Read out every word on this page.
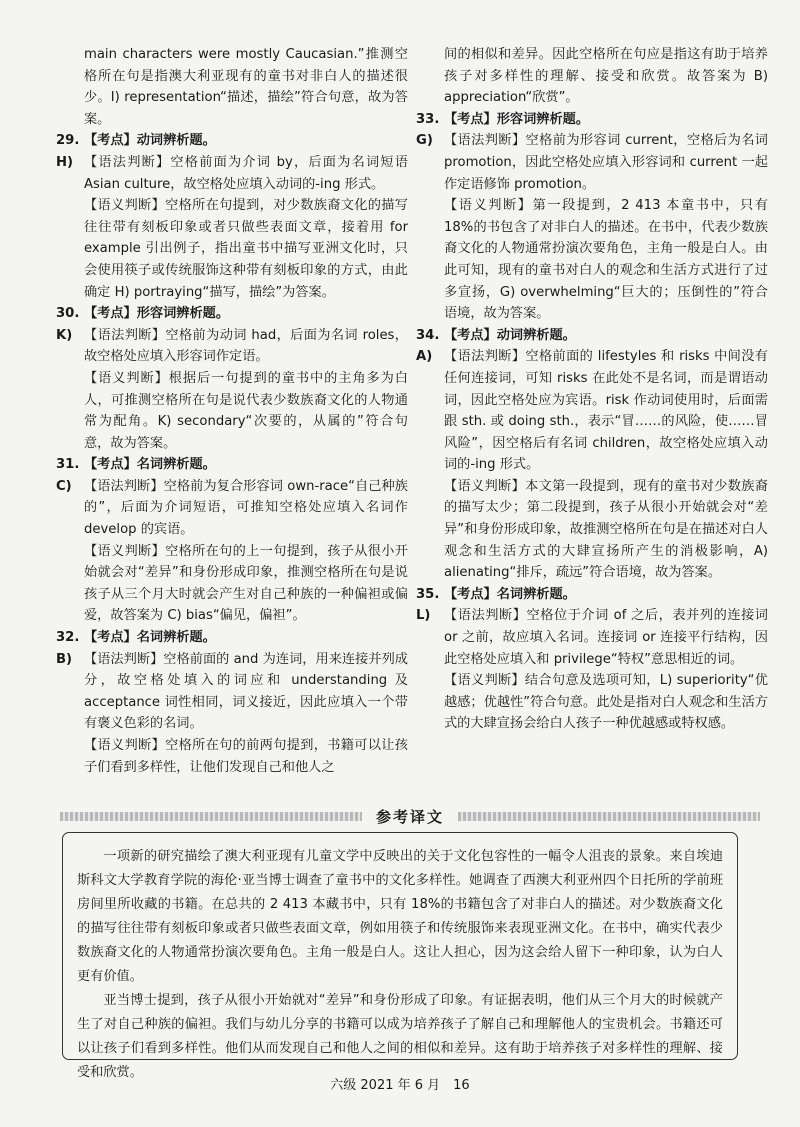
main characters were mostly Caucasian.”推测空格所在句是指澳大利亚现有的童书对非白人的描述很少。I) representation“描述，描绘”符合句意，故为答案。

29. 【考点】动词辨析题。
H) 【语法判断】空格前面为介词 by，后面为名词短语 Asian culture，故空格处应填入动词的-ing 形式。

【语义判断】空格所在句提到，对少数族裔文化的描写往往带有刻板印象或者只做些表面文章，接着用 for example 引出例子，指出童书中描写亚洲文化时，只会使用筷子或传统服饰这种带有刻板印象的方式，由此确定 H) portraying“描写，描绘”为答案。

30. 【考点】形容词辨析题。
K) 【语法判断】空格前为动词 had，后面为名词 roles，故空格处应填入形容词作定语。

【语义判断】根据后一句提到的童书中的主角多为白人，可推测空格所在句是说代表少数族裔文化的人物通常为配角。K) secondary“次要的，从属的”符合句意，故为答案。

31. 【考点】名词辨析题。
C) 【语法判断】空格前为复合形容词 own-race“自己种族的”，后面为介词短语，可推知空格处应填入名词作 develop 的宾语。

【语义判断】空格所在句的上一句提到，孩子从很小开始就会对“差异”和身份形成印象，推测空格所在句是说孩子从三个月大时就会产生对自己种族的一种偏袒或偏爱，故答案为 C) bias“偏见，偏袒”。

32. 【考点】名词辨析题。
B) 【语法判断】空格前面的 and 为连词，用来连接并列成分，故空格处填入的词应和 understanding 及 acceptance 词性相同，词义接近，因此应填入一个带有褒义色彩的名词。

【语义判断】空格所在句的前两句提到，书籍可以让孩子们看到多样性，让他们发现自己和他人之

间的相似和差异。因此空格所在句应是指这有助于培养孩子对多样性的理解、接受和欣赏。故答案为 B) appreciation“欣赏”。

33. 【考点】形容词辨析题。
G) 【语法判断】空格前为形容词 current，空格后为名词 promotion，因此空格处应填入形容词和 current 一起作定语修饰 promotion。

【语义判断】第一段提到，2 413 本童书中，只有 18%的书包含了对非白人的描述。在书中，代表少数族裔文化的人物通常扮演次要角色，主角一般是白人。由此可知，现有的童书对白人的观念和生活方式进行了过多宣扬，G) overwhelming“巨大的；压倒性的”符合语境，故为答案。

34. 【考点】动词辨析题。
A) 【语法判断】空格前面的 lifestyles 和 risks 中间没有任何连接词，可知 risks 在此处不是名词，而是谓语动词，因此空格处应为宾语。risk 作动词使用时，后面需跟 sth. 或 doing sth.，表示“冒……的风险，使……冒风险”，因空格后有名词 children，故空格处应填入动词的-ing 形式。

【语义判断】本文第一段提到，现有的童书对少数族裔的描写太少；第二段提到，孩子从很小开始就会对“差异”和身份形成印象，故推测空格所在句是在描述对白人观念和生活方式的大肆宣扬所产生的消极影响，A) alienating“排斥，疏远”符合语境，故为答案。

35. 【考点】名词辨析题。
L)	【语法判断】空格位于介词 of 之后，表并列的连接词 or 之前，故应填入名词。连接词 or 连接平行结构，因此空格处应填入和 privilege“特权”意思相近的词。

【语义判断】结合句意及选项可知，L) superiority“优越感；优越性”符合句意。此处是指对白人观念和生活方式的大肆宣扬会给白人孩子一种优越感或特权感。

参考译文

一项新的研究描绘了澳大利亚现有儿童文学中反映出的关于文化包容性的一幅令人沮丧的景象。来自埃迪斯科文大学教育学院的海伦·亚当博士调查了童书中的文化多样性。她调查了西澳大利亚州四个日托所的学前班房间里所收藏的书籍。在总共的 2 413 本藏书中，只有 18%的书籍包含了对非白人的描述。对少数族裔文化的描写往往带有刻板印象或者只做些表面文章，例如用筷子和传统服饰来表现亚洲文化。在书中，确实代表少数族裔文化的人物通常扮演次要角色。主角一般是白人。这让人担心，因为这会给人留下一种印象，认为白人更有价值。

亚当博士提到，孩子从很小开始就对“差异”和身份形成了印象。有证据表明，他们从三个月大的时候就产生了对自己种族的偏袒。我们与幼儿分享的书籍可以成为培养孩子了解自己和理解他人的宝贵机会。书籍还可以让孩子们看到多样性。他们从而发现自己和他人之间的相似和差异。这有助于培养孩子对多样性的理解、接受和欣赏。

六级 2021 年 6 月　16
